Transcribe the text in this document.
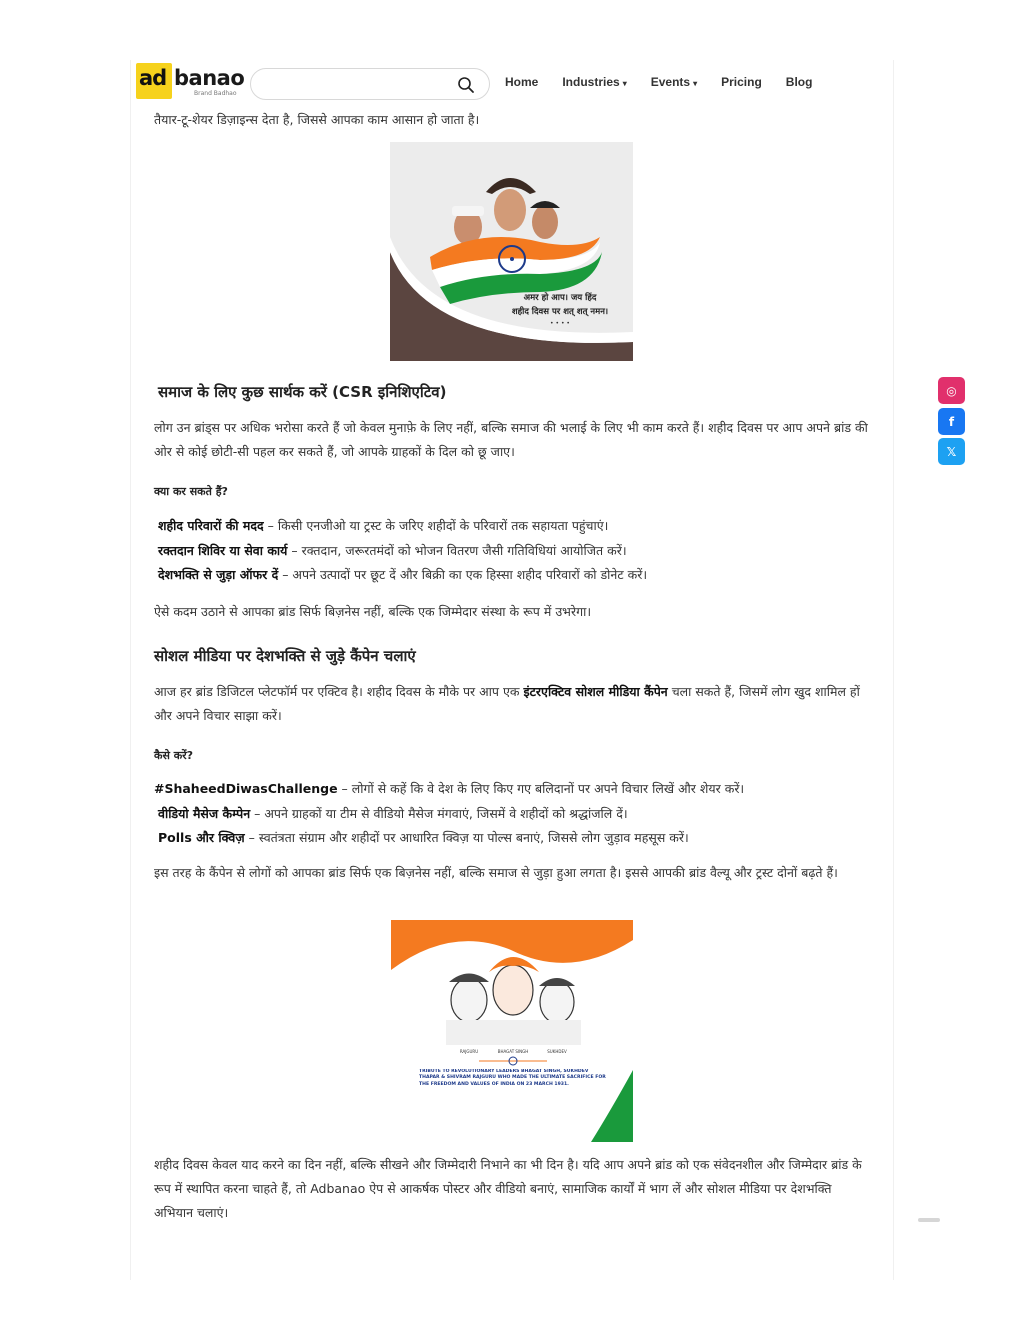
ad banao
Brand Badhao
Home Industries ▾ Events ▾ Pricing Blog

तैयार-टू-शेयर डिज़ाइन्स देता है, जिससे आपका काम आसान हो जाता है।

अमर हो आप। जय हिंद
शहीद दिवस पर शत् शत् नमन।
• • • •
समाज के लिए कुछ सार्थक करें (CSR इनिशिएटिव)

लोग उन ब्रांड्स पर अधिक भरोसा करते हैं जो केवल मुनाफ़े के लिए नहीं, बल्कि समाज की भलाई के लिए भी काम करते हैं। शहीद दिवस पर आप अपने ब्रांड की ओर से कोई छोटी-सी पहल कर सकते हैं, जो आपके ग्राहकों के दिल को छू जाए।

क्या कर सकते हैं?
शहीद परिवारों की मदद – किसी एनजीओ या ट्रस्ट के जरिए शहीदों के परिवारों तक सहायता पहुंचाएं।
रक्तदान शिविर या सेवा कार्य – रक्तदान, जरूरतमंदों को भोजन वितरण जैसी गतिविधियां आयोजित करें।
देशभक्ति से जुड़ा ऑफर दें – अपने उत्पादों पर छूट दें और बिक्री का एक हिस्सा शहीद परिवारों को डोनेट करें।

ऐसे कदम उठाने से आपका ब्रांड सिर्फ बिज़नेस नहीं, बल्कि एक जिम्मेदार संस्था के रूप में उभरेगा।

सोशल मीडिया पर देशभक्ति से जुड़े कैंपेन चलाएं

आज हर ब्रांड डिजिटल प्लेटफॉर्म पर एक्टिव है। शहीद दिवस के मौके पर आप एक इंटरएक्टिव सोशल मीडिया कैंपेन चला सकते हैं, जिसमें लोग खुद शामिल हों और अपने विचार साझा करें।

कैसे करें?
#ShaheedDiwasChallenge – लोगों से कहें कि वे देश के लिए किए गए बलिदानों पर अपने विचार लिखें और शेयर करें।
वीडियो मैसेज कैम्पेन – अपने ग्राहकों या टीम से वीडियो मैसेज मंगवाएं, जिसमें वे शहीदों को श्रद्धांजलि दें।
Polls और क्विज़ – स्वतंत्रता संग्राम और शहीदों पर आधारित क्विज़ या पोल्स बनाएं, जिससे लोग जुड़ाव महसूस करें।

इस तरह के कैंपेन से लोगों को आपका ब्रांड सिर्फ एक बिज़नेस नहीं, बल्कि समाज से जुड़ा हुआ लगता है। इससे आपकी ब्रांड वैल्यू और ट्रस्ट दोनों बढ़ते हैं।

RAJGURU	BHAGAT SINGH	SUKHDEV
TRIBUTE TO REVOLUTIONARY LEADERS BHAGAT SINGH, SUKHDEV THAPAR & SHIVRAM RAJGURU WHO MADE THE ULTIMATE SACRIFICE FOR THE FREEDOM AND VALUES OF INDIA ON 23 MARCH 1931.

शहीद दिवस केवल याद करने का दिन नहीं, बल्कि सीखने और जिम्मेदारी निभाने का भी दिन है। यदि आप अपने ब्रांड को एक संवेदनशील और जिम्मेदार ब्रांड के रूप में स्थापित करना चाहते हैं, तो Adbanao ऐप से आकर्षक पोस्टर और वीडियो बनाएं, सामाजिक कार्यों में भाग लें और सोशल मीडिया पर देशभक्ति अभियान चलाएं।

◎
f
𝕏
